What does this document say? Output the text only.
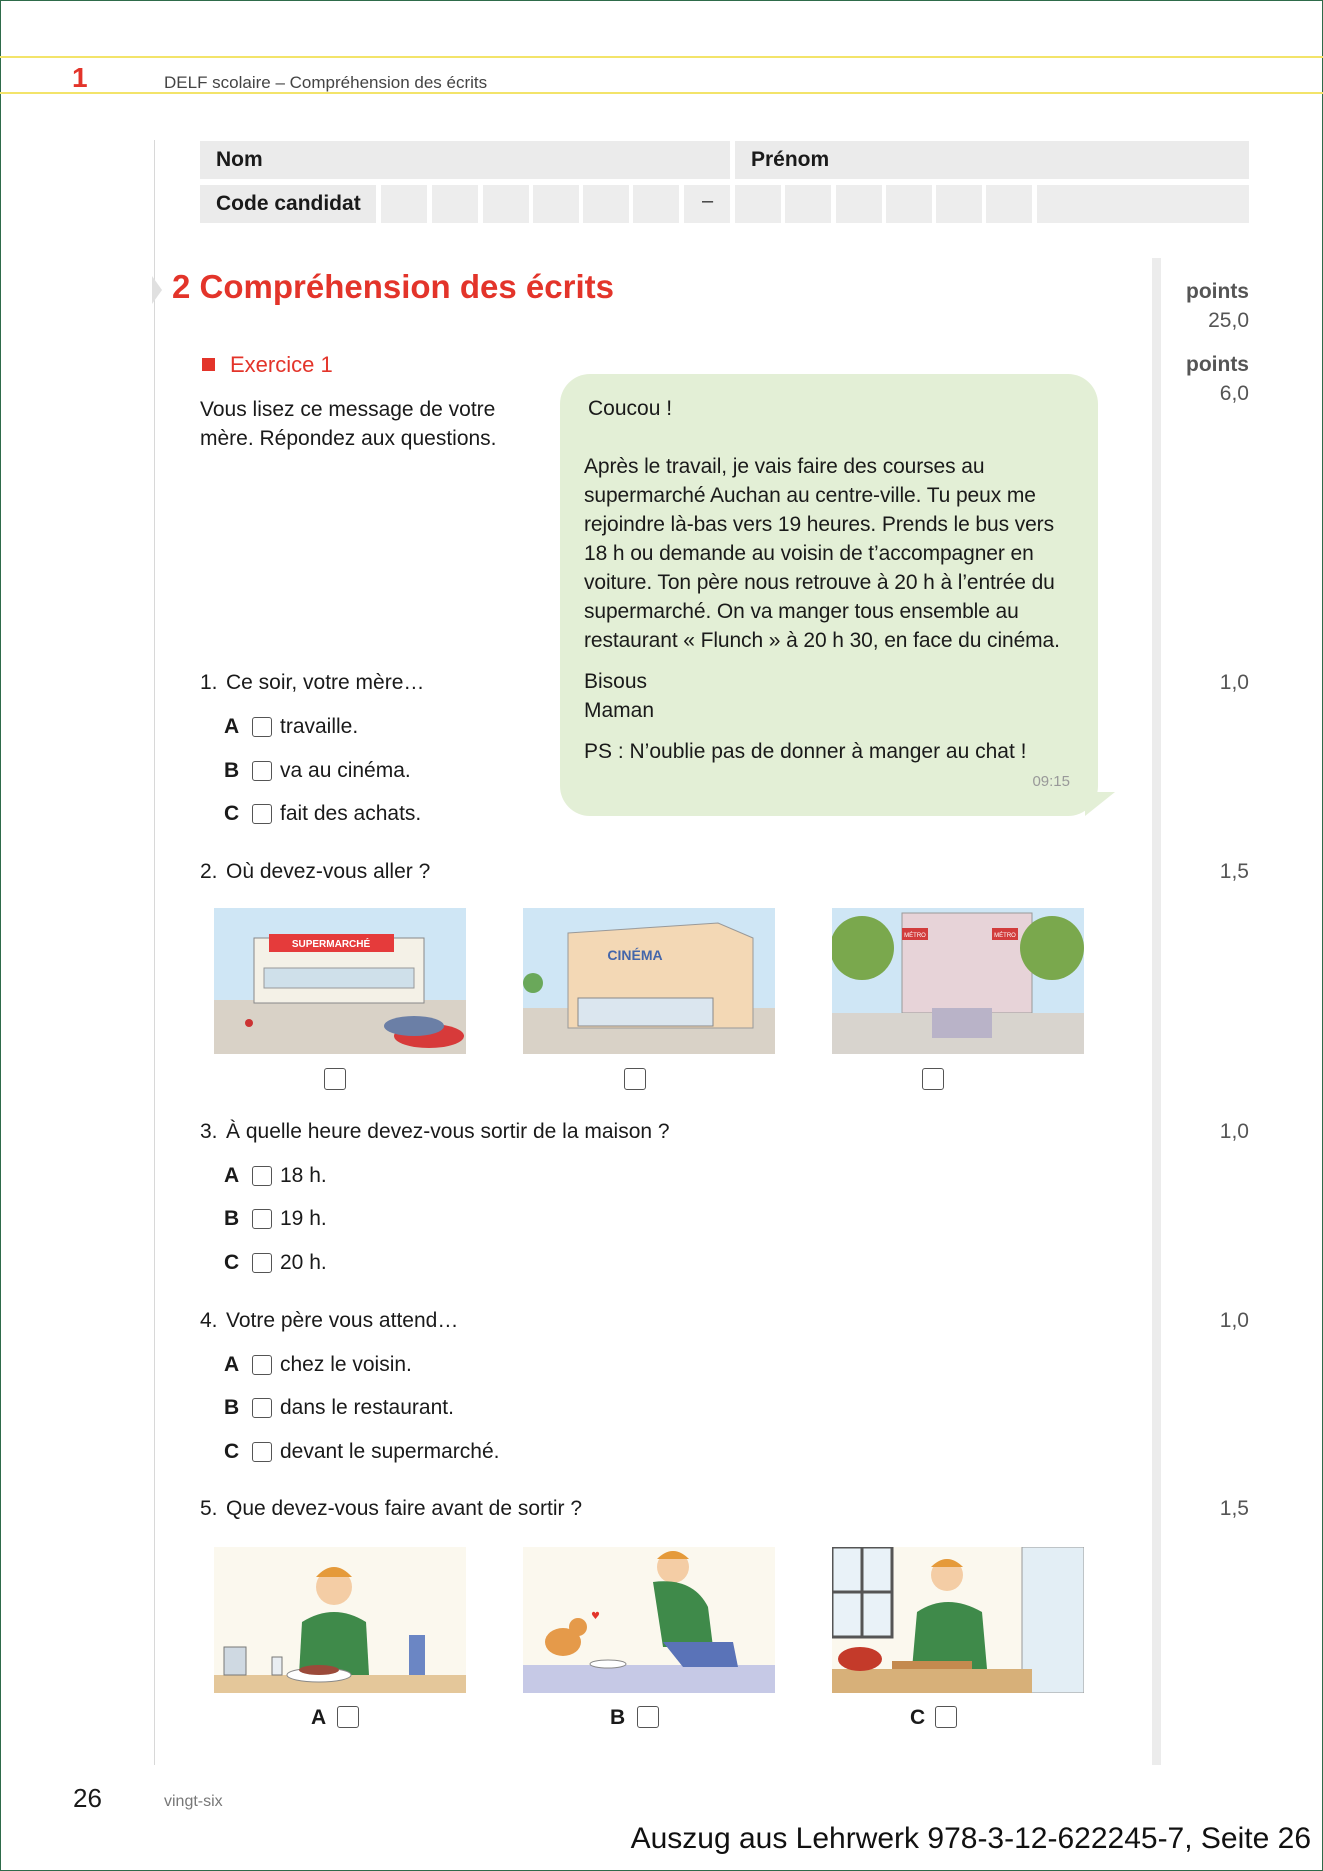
1	DELF scolaire – Compréhension des écrits
Nom	Prénom
Code candidat	–
2 Compréhension des écrits	points
25,0
Exercice 1	points
6,0
Vous lisez ce message de votre mère. Répondez aux questions.

Coucou !

Après le travail, je vais faire des courses au supermarché Auchan au centre-ville. Tu peux me rejoindre là-bas vers 19 heures. Prends le bus vers 18 h ou demande au voisin de t’accompagner en voiture. Ton père nous retrouve à 20 h à l’entrée du supermarché. On va manger tous ensemble au restaurant « Flunch » à 20 h 30, en face du cinéma.

Bisous

Maman

PS : N’oublie pas de donner à manger au chat !

09:15
1. Ce soir, votre mère…	1,0
A	travaille.
B	va au cinéma.
C	fait des achats.
2. Où devez-vous aller ?	1,5
SUPERMARCHÉ
CINÉMA
MÉTRO	MÉTRO
3. À quelle heure devez-vous sortir de la maison ?	1,0
A	18 h.
B	19 h.
C	20 h.
4. Votre père vous attend…	1,0
A	chez le voisin.
B	dans le restaurant.
C	devant le supermarché.
5. Que devez-vous faire avant de sortir ?	1,5
A
♥
B	C
26	vingt-six
Auszug aus Lehrwerk 978-3-12-622245-7, Seite 26
